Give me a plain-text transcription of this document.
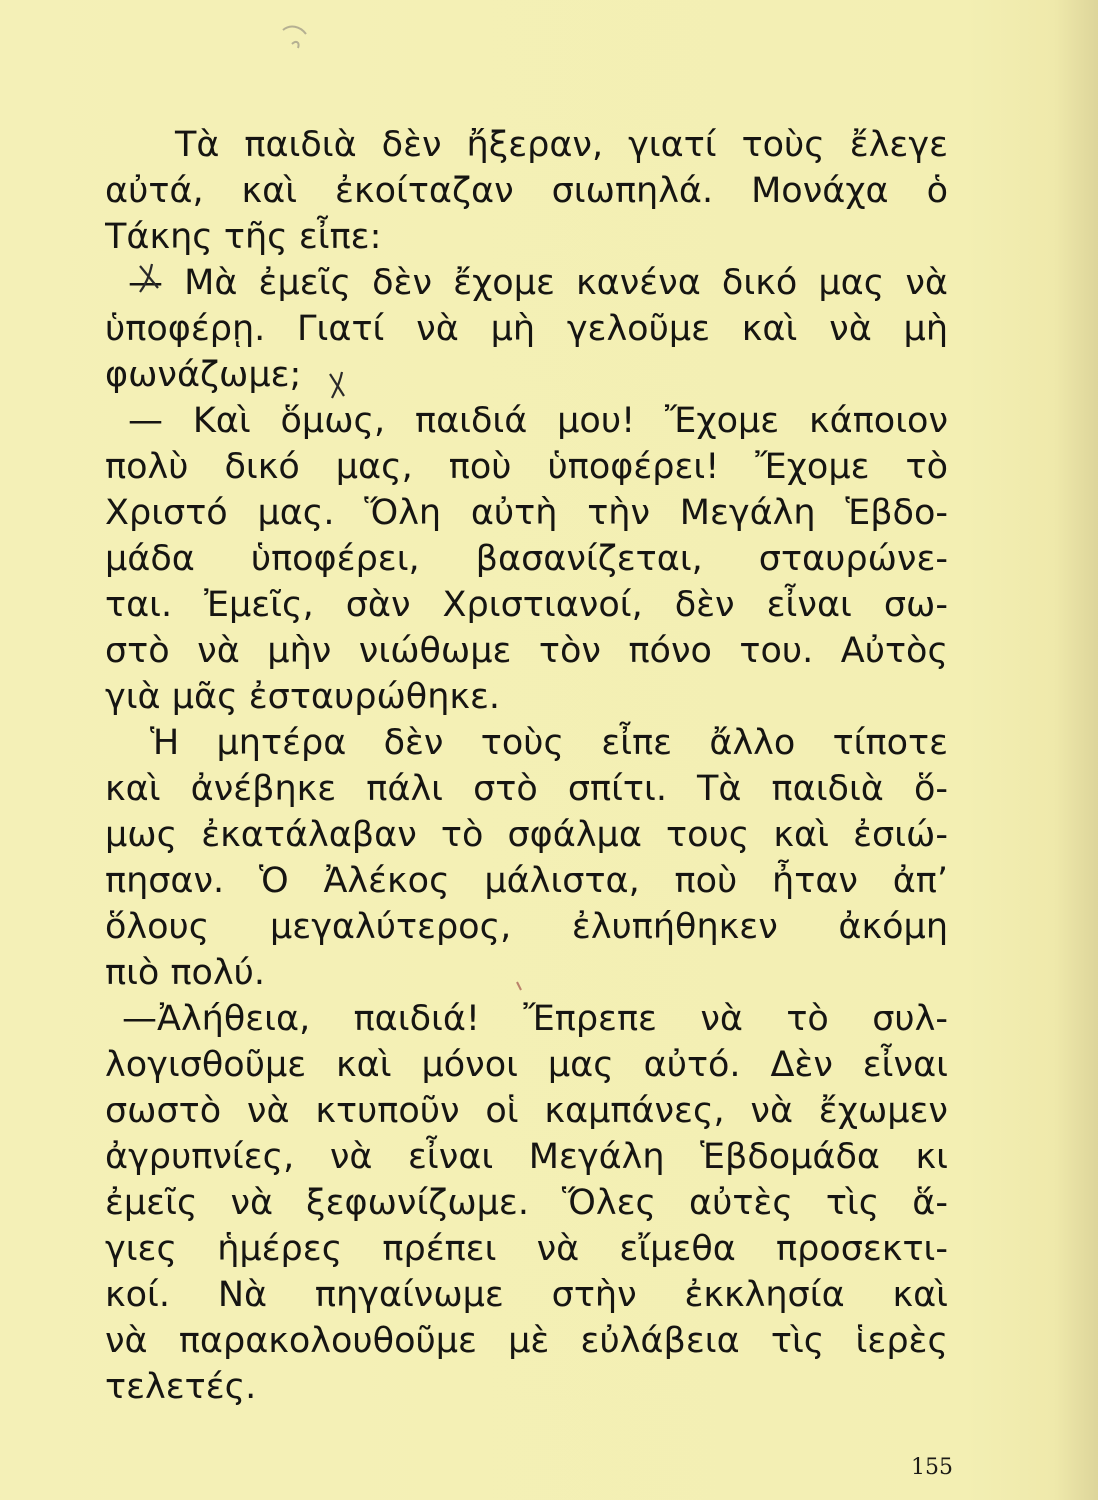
Τὰ παιδιὰ δὲν ἤξεραν, γιατί τοὺς ἔλεγε
αὐτά, καὶ ἐκοίταζαν σιωπηλά. Μονάχα ὁ
Τάκης τῆς εἶπε:
— Μὰ ἐμεῖς δὲν ἔχομε κανένα δικό μας νὰ
ὑποφέρῃ. Γιατί νὰ μὴ γελοῦμε καὶ νὰ μὴ
φωνάζωμε;
— Καὶ ὅμως, παιδιά μου! Ἔχομε κάποιον
πολὺ δικό μας, ποὺ ὑποφέρει! Ἔχομε τὸ
Χριστό μας. Ὅλη αὐτὴ τὴν Μεγάλη Ἑβδο-
μάδα ὑποφέρει, βασανίζεται, σταυρώνε-
ται. Ἐμεῖς, σὰν Χριστιανοί, δὲν εἶναι σω-
στὸ νὰ μὴν νιώθωμε τὸν πόνο του. Αὐτὸς
γιὰ μᾶς ἐσταυρώθηκε.
Ἡ μητέρα δὲν τοὺς εἶπε ἄλλο τίποτε
καὶ ἀνέβηκε πάλι στὸ σπίτι. Τὰ παιδιὰ ὅ-
μως ἐκατάλαβαν τὸ σφάλμα τους καὶ ἐσιώ-
πησαν. Ὁ Ἀλέκος μάλιστα, ποὺ ἦταν ἀπ’
ὅλους μεγαλύτερος, ἐλυπήθηκεν ἀκόμη
πιὸ πολύ.
—Ἀλήθεια, παιδιά! Ἔπρεπε νὰ τὸ συλ-
λογισθοῦμε καὶ μόνοι μας αὐτό. Δὲν εἶναι
σωστὸ νὰ κτυποῦν οἱ καμπάνες, νὰ ἔχωμεν
ἀγρυπνίες, νὰ εἶναι Μεγάλη Ἑβδομάδα κι
ἐμεῖς νὰ ξεφωνίζωμε. Ὅλες αὐτὲς τὶς ἅ-
γιες ἡμέρες πρέπει νὰ εἴμεθα προσεκτι-
κοί. Νὰ πηγαίνωμε στὴν ἐκκλησία καὶ
νὰ παρακολουθοῦμε μὲ εὐλάβεια τὶς ἱερὲς
τελετές.
155
